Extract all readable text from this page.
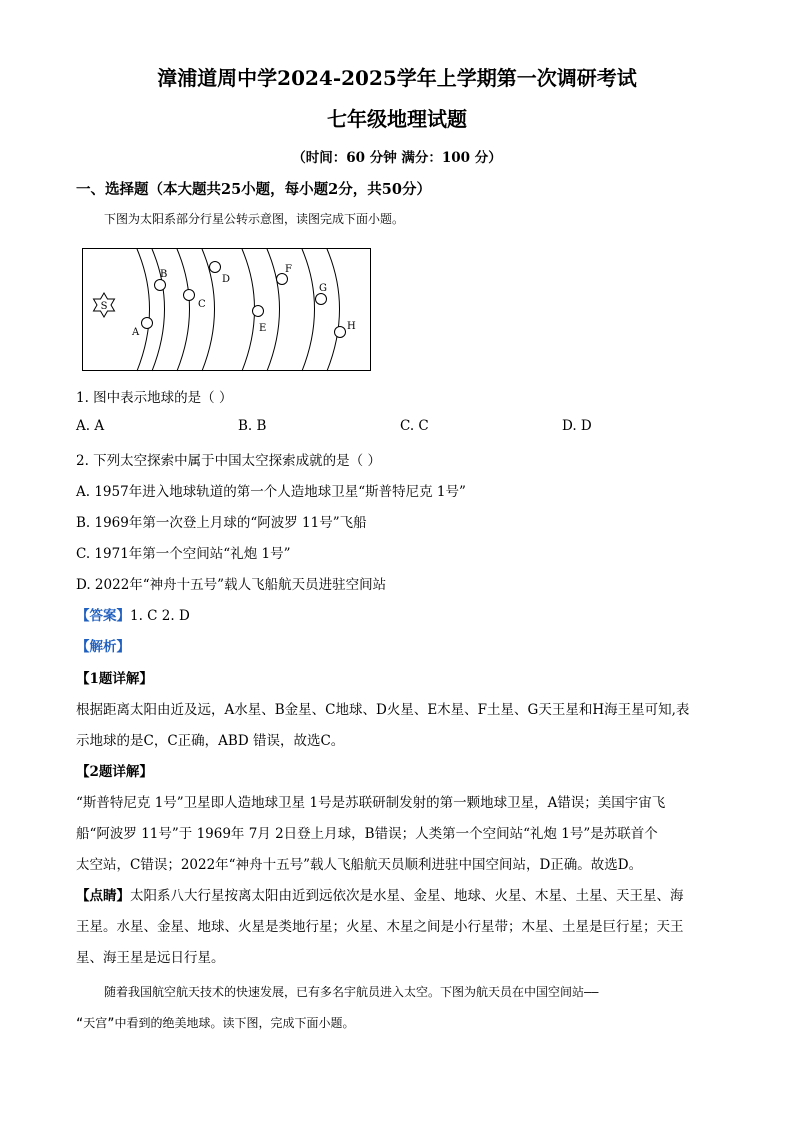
漳浦道周中学2024-2025学年上学期第一次调研考试
七年级地理试题
（时间：60 分钟 满分：100 分）
一、选择题（本大题共25小题，每小题2分，共50分）
下图为太阳系部分行星公转示意图，读图完成下面小题。
S
A
B
C
D
E
F
G
H
1. 图中表示地球的是（ ）
A. A	B. B	C. C	D. D
2. 下列太空探索中属于中国太空探索成就的是（ ）
A. 1957年进入地球轨道的第一个人造地球卫星“斯普特尼克 1号”
B. 1969年第一次登上月球的“阿波罗 11号”飞船
C. 1971年第一个空间站“礼炮 1号”
D. 2022年“神舟十五号”载人飞船航天员进驻空间站
【答案】1. C 2. D
【解析】
【1题详解】
根据距离太阳由近及远，A水星、B金星、C地球、D火星、E木星、F土星、G天王星和H海王星可知,表
示地球的是C，C正确，ABD 错误，故选C。
【2题详解】
“斯普特尼克 1号”卫星即人造地球卫星 1号是苏联研制发射的第一颗地球卫星，A错误；美国宇宙飞
船“阿波罗 11号”于 1969年 7月 2日登上月球，B错误；人类第一个空间站“礼炮 1号”是苏联首个
太空站，C错误；2022年“神舟十五号”载人飞船航天员顺利进驻中国空间站，D正确。故选D。
【点睛】太阳系八大行星按离太阳由近到远依次是水星、金星、地球、火星、木星、土星、天王星、海
王星。水星、金星、地球、火星是类地行星；火星、木星之间是小行星带；木星、土星是巨行星；天王
星、海王星是远日行星。
随着我国航空航天技术的快速发展，已有多名宇航员进入太空。下图为航天员在中国空间站——
“天宫”中看到的绝美地球。读下图，完成下面小题。
